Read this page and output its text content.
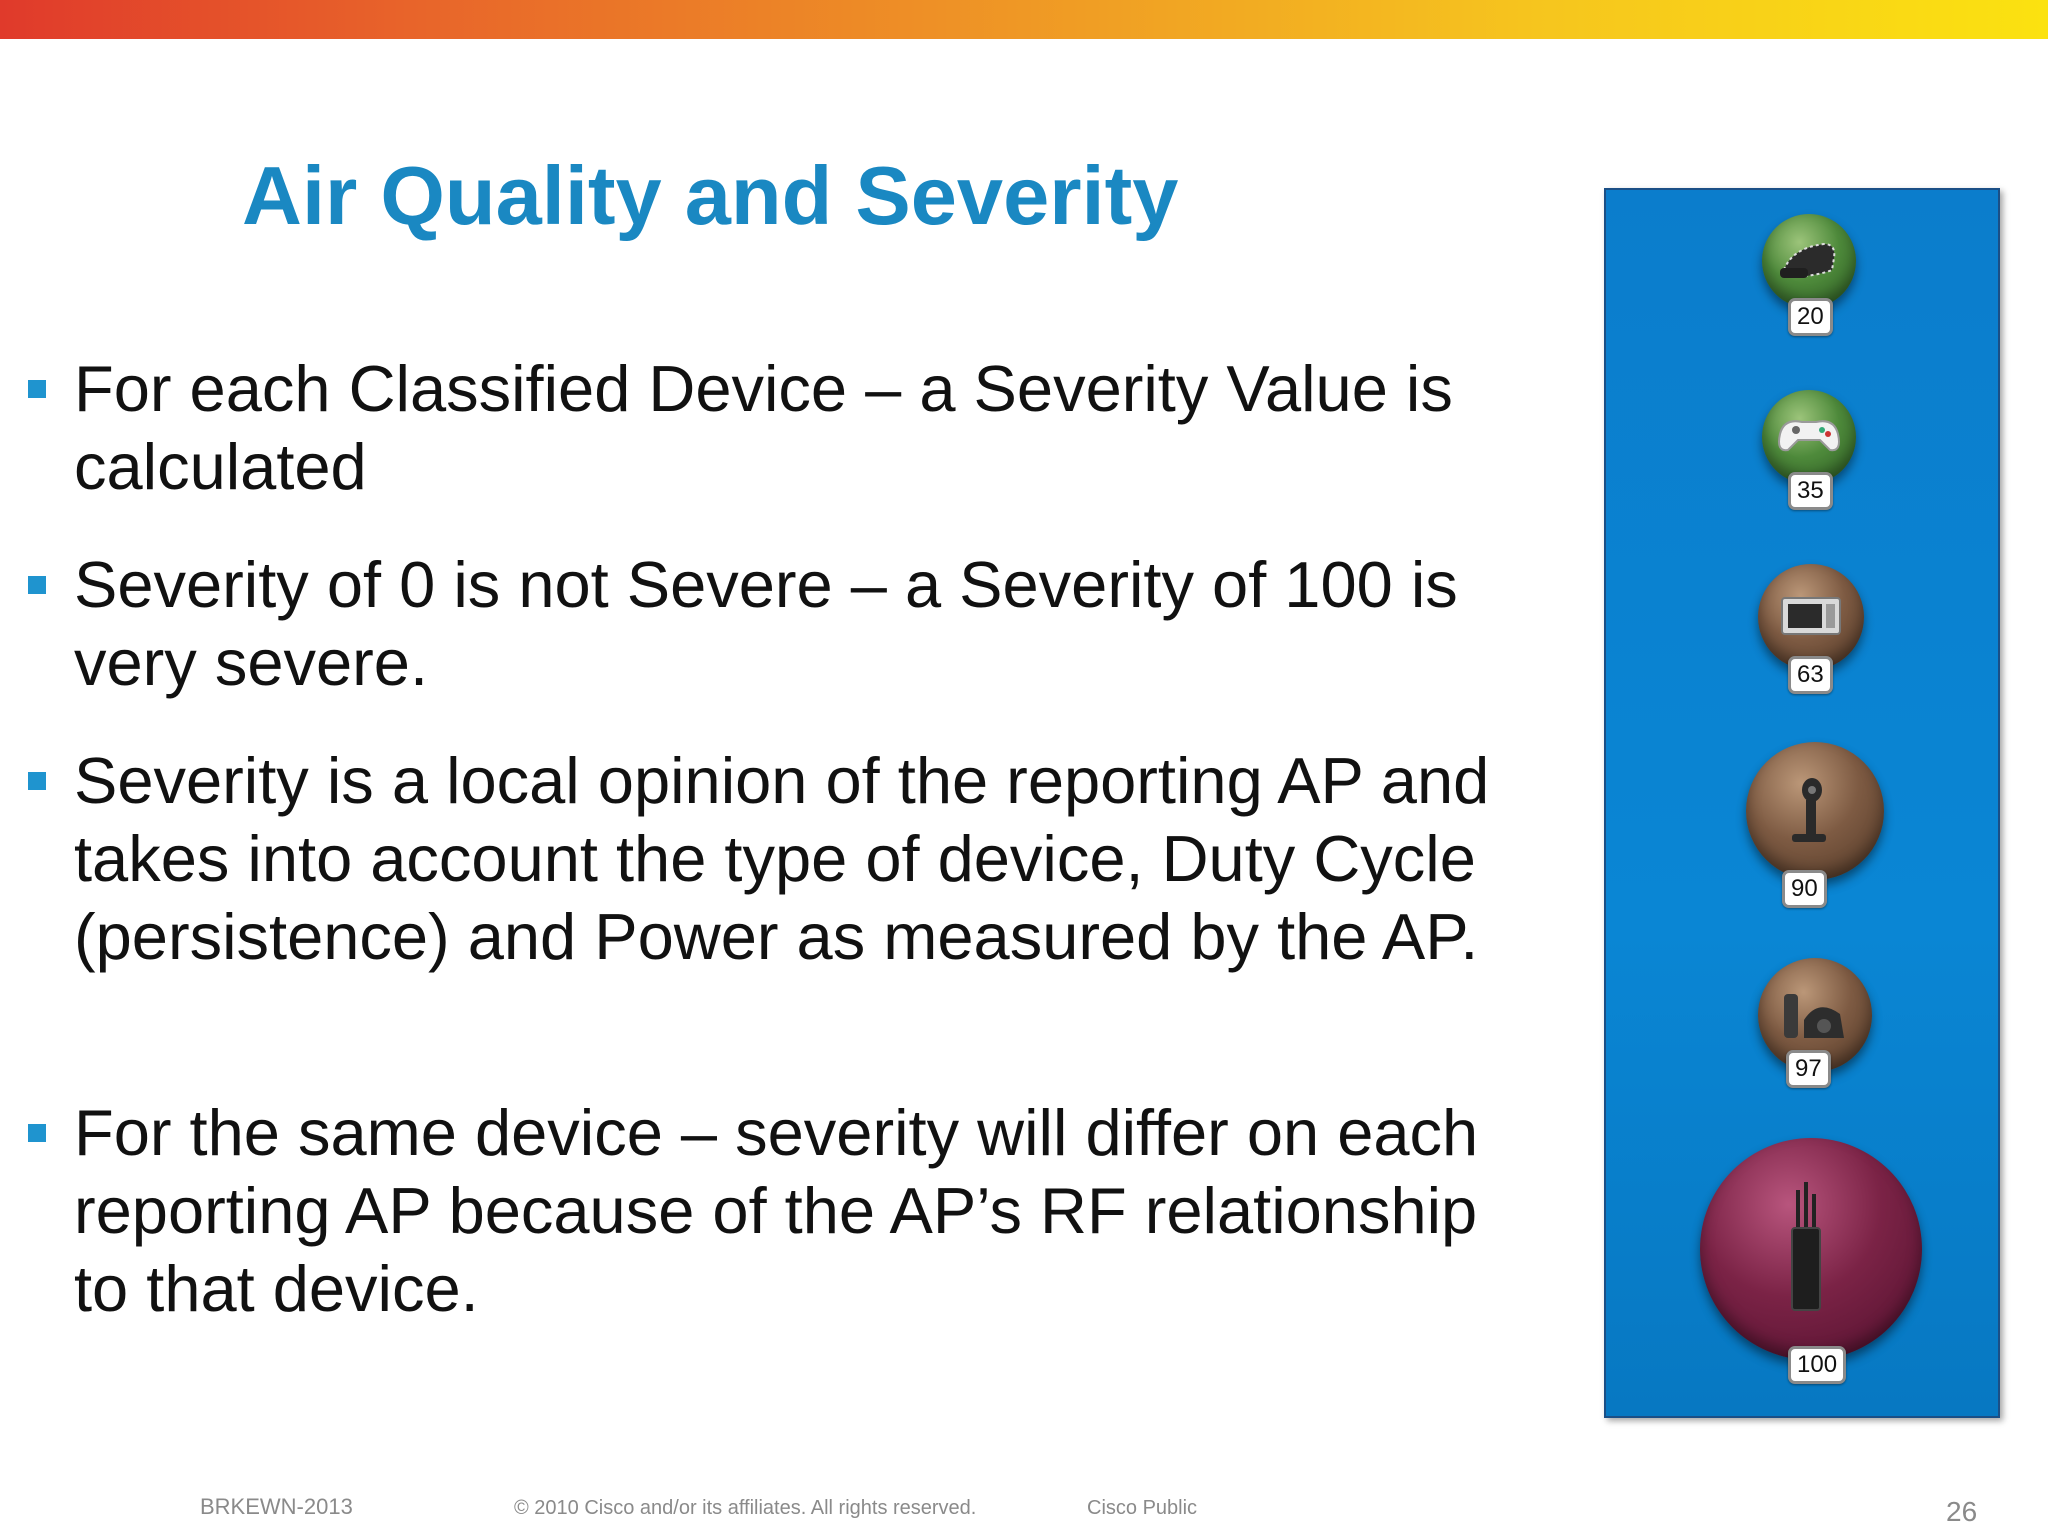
Air Quality and Severity
For each Classified Device – a Severity Value is calculated
Severity of 0 is not Severe – a Severity of 100 is very severe.
Severity is a local opinion of the reporting AP and takes into account the type of device, Duty Cycle (persistence) and Power as measured by the AP.
For the same device – severity will differ on each reporting AP because of the AP’s RF relationship to that device.
20
35
63
90
97
100
BRKEWN-2013	© 2010 Cisco and/or its affiliates. All rights reserved.	Cisco Public	26
